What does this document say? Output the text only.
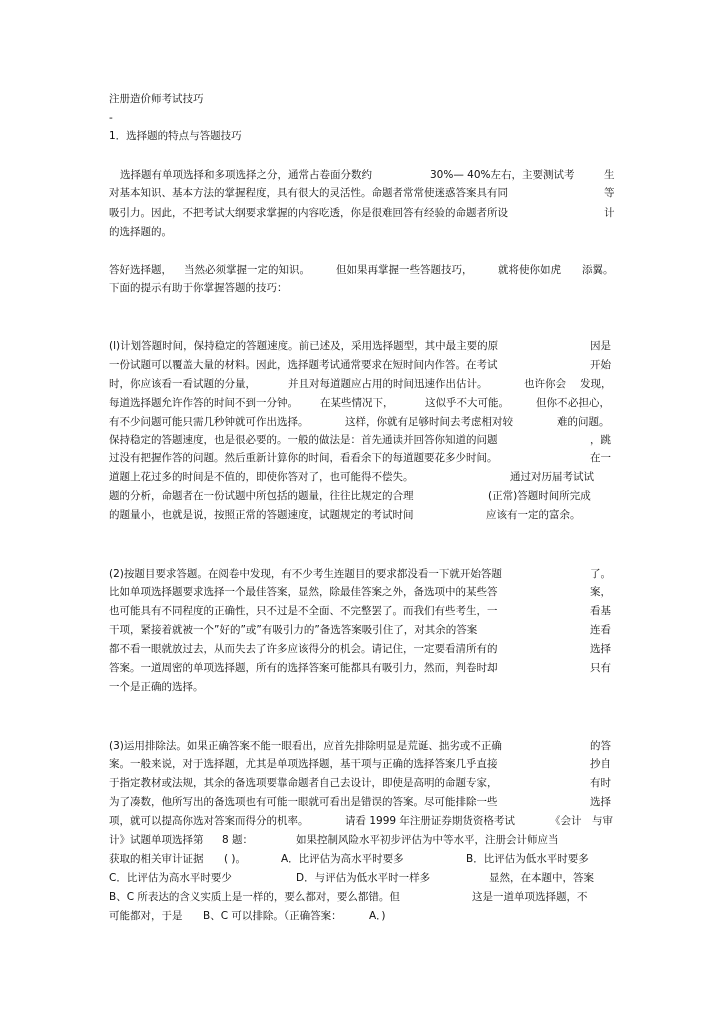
注册造价师考试技巧
-
1．选择题的特点与答题技巧
选择题有单项选择和多项选择之分，通常占卷面分数约	30%— 40%左右，主要测试考	生
对基本知识、基本方法的掌握程度，具有很大的灵活性。命题者常常使迷惑答案具有同	等
吸引力。因此，不把考试大纲要求掌握的内容吃透，你是很难回答有经验的命题者所设	计
的选择题的。
答好选择题， 当然必须掌握一定的知识。 但如果再掌握一些答题技巧， 就将使你如虎 添翼。
下面的提示有助于你掌握答题的技巧：
(l)计划答题时间，保持稳定的答题速度。前已述及，采用选择题型，其中最主要的原	因是
一份试题可以覆盖大量的材料。因此，选择题考试通常要求在短时间内作答。在考试	开始
时，你应该看一看试题的分量，	并且对每道题应占用的时间迅速作出估计。	也许你会 发现，
每道选择题允许作答的时间不到一分钟。 在某些情况下，	这似乎不大可能。	但你不 必担心，
有不少问题可能只需几秒钟就可作出选择。	这样，你就有足够时间去考虑相对较	难的问题。
保持稳定的答题速度，也是很必要的。一般的做法是：首先通读并回答你知道的问题	，跳
过没有把握作答的问题。然后重新计算你的时间，看看余下的每道题要花多少时间。	在一
道题上花过多的时间是不值的，即使你答对了，也可能得不偿失。	通过对历届考试试
题的分析，命题者在一份试题中所包括的题量，往往比规定的合理	(正常)答题时间所完成
的题量小，也就是说，按照正常的答题速度，试题规定的考试时间	应该有一定的富余。
(2)按题目要求答题。在阅卷中发现，有不少考生连题目的要求都没看一下就开始答题	了。
比如单项选择题要求选择一个最佳答案，显然，除最佳答案之外，备选项中的某些答	案，
也可能具有不同程度的正确性，只不过是不全面、不完整罢了。而我们有些考生，一	看基
干项，紧接着就被一个”好的”或”有吸引力的”备选答案吸引住了，对其余的答案	连看
都不看一眼就放过去，从而失去了许多应该得分的机会。请记住，一定要看清所有的	选择
答案。一道周密的单项选择题，所有的选择答案可能都具有吸引力，然而，判卷时却	只有
一个是正确的选择。
(3)运用排除法。如果正确答案不能一眼看出，应首先排除明显是荒诞、拙劣或不正确	的答
案。一般来说，对于选择题，尤其是单项选择题，基干项与正确的选择答案几乎直接	抄自
于指定教材或法规，其余的备选项要靠命题者自己去设计，即使是高明的命题专家，	有时
为了凑数，他所写出的备选项也有可能一眼就可看出是错误的答案。尽可能排除一些	选择
项，就可以提高你选对答案而得分的机率。	请看 1999 年注册证券期货资格考试	《会计 与审
计》试题单项选择第 8 题：	如果控制风险水平初步评估为中等水平，注册会计师应当
获取的相关审计证据 ( )。	A．比评估为高水平时要多	B．比评估为低水平时要多
C．比评估为高水平时要少	D．与评估为低水平时一样多	显然，在本题中，答案
B、C 所表达的含义实质上是一样的，要么都对，要么都错。但	这是一道单项选择题，不
可能都对，于是 B、C 可以排除。（正确答案：	A．)
